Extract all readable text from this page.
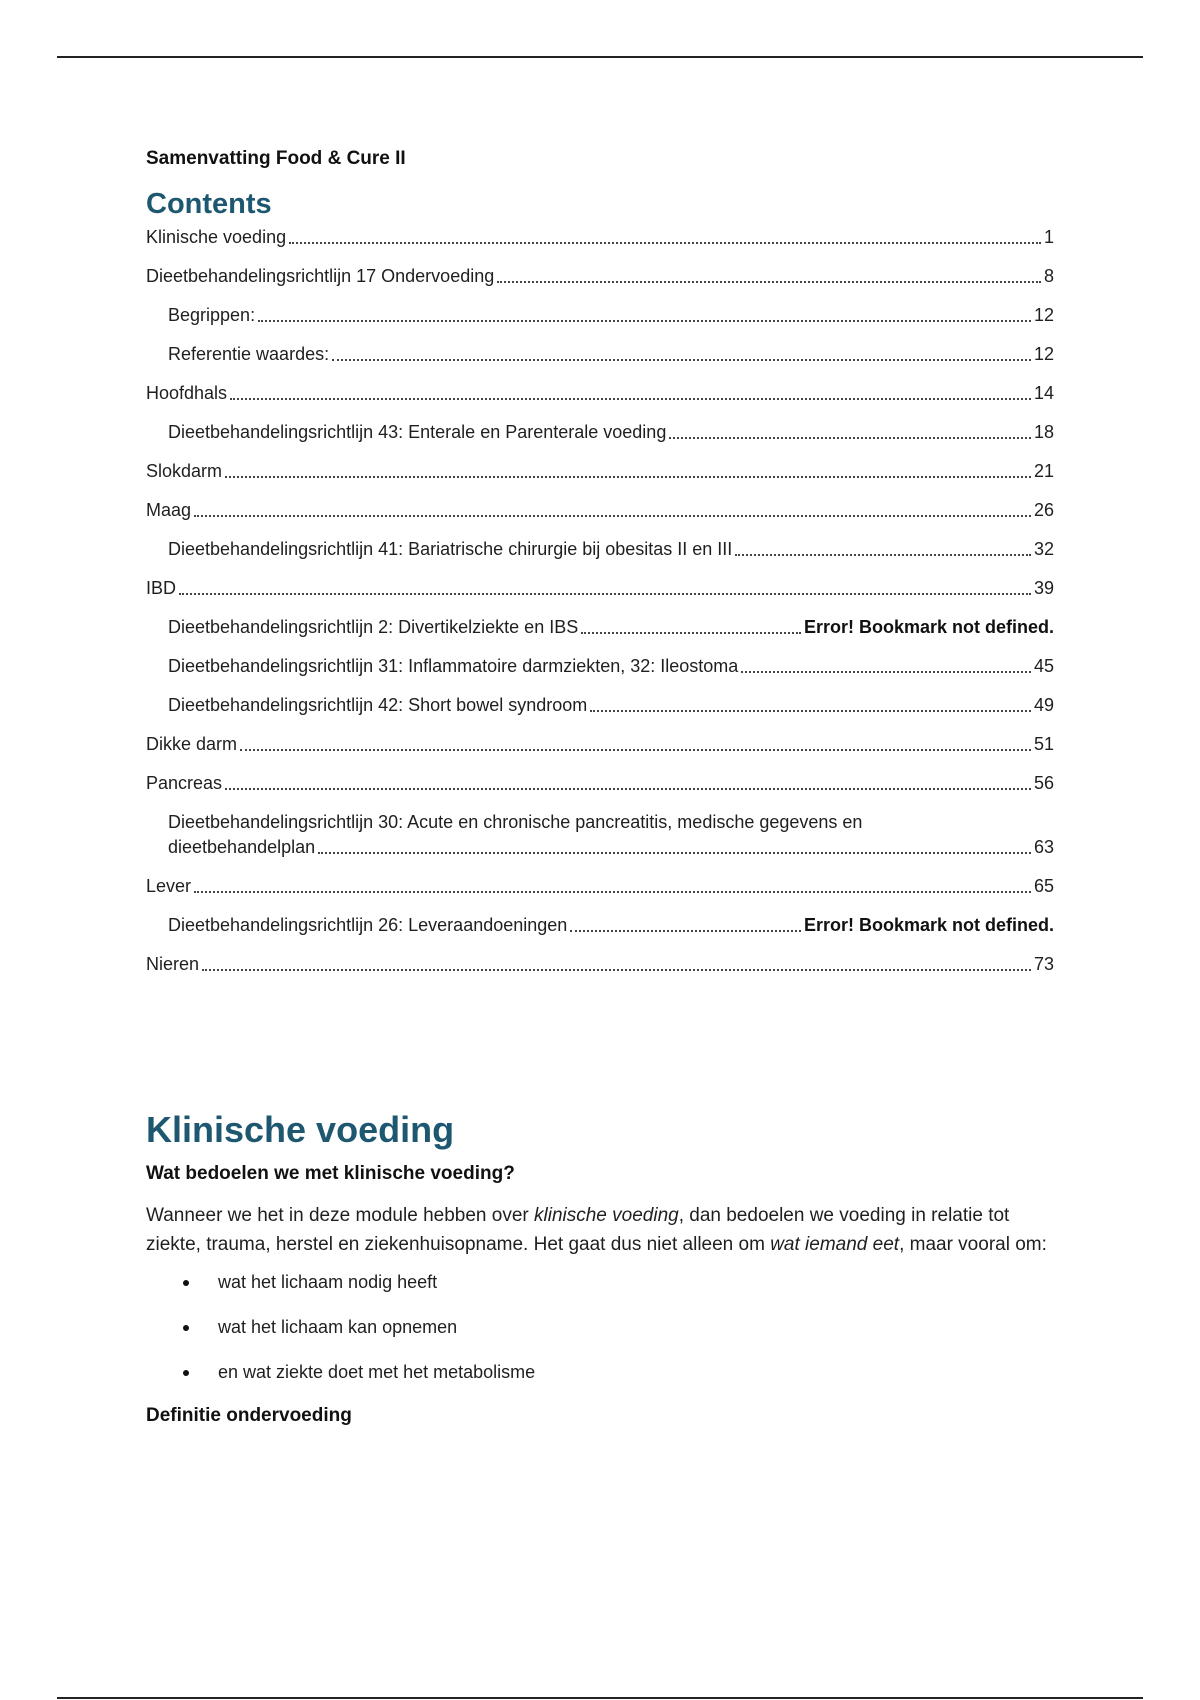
Samenvatting Food & Cure II

Contents
Klinische voeding	1
Dieetbehandelingsrichtlijn 17 Ondervoeding	8
Begrippen:	12
Referentie waardes:	12
Hoofdhals	14
Dieetbehandelingsrichtlijn 43: Enterale en Parenterale voeding	18
Slokdarm	21
Maag	26
Dieetbehandelingsrichtlijn 41: Bariatrische chirurgie bij obesitas II en III	32
IBD	39
Dieetbehandelingsrichtlijn 2: Divertikelziekte en IBS	Error! Bookmark not defined.
Dieetbehandelingsrichtlijn 31: Inflammatoire darmziekten, 32: Ileostoma	45
Dieetbehandelingsrichtlijn 42: Short bowel syndroom	49
Dikke darm	51
Pancreas	56
Dieetbehandelingsrichtlijn 30: Acute en chronische pancreatitis, medische gegevens en
dieetbehandelplan	63
Lever	65
Dieetbehandelingsrichtlijn 26: Leveraandoeningen	Error! Bookmark not defined.
Nieren	73
Klinische voeding

Wat bedoelen we met klinische voeding?

Wanneer we het in deze module hebben over klinische voeding, dan bedoelen we voeding in relatie tot ziekte, trauma, herstel en ziekenhuisopname. Het gaat dus niet alleen om wat iemand eet, maar vooral om:

wat het lichaam nodig heeft
wat het lichaam kan opnemen
en wat ziekte doet met het metabolisme

Definitie ondervoeding
